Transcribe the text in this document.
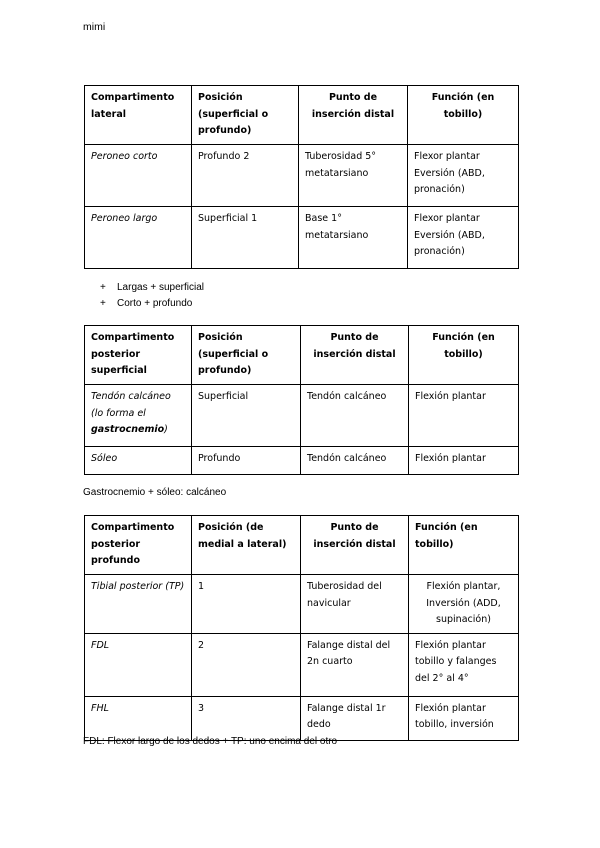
mimi
Compartimento lateral	Posición (superficial o profundo)	Punto de inserción distal	Función (en tobillo)
Peroneo corto	Profundo 2	Tuberosidad 5° metatarsiano	Flexor plantar Eversión (ABD, pronación)
Peroneo largo	Superficial 1	Base 1° metatarsiano	Flexor plantar Eversión (ABD, pronación)
+ Largas + superficial
+ Corto + profundo
Compartimento posterior superficial	Posición (superficial o profundo)	Punto de inserción distal	Función (en tobillo)
Tendón calcáneo (lo forma el gastrocnemio)	Superficial	Tendón calcáneo	Flexión plantar
Sóleo	Profundo	Tendón calcáneo	Flexión plantar
Gastrocnemio + sóleo: calcáneo
Compartimento posterior profundo	Posición (de medial a lateral)	Punto de inserción distal	Función (en tobillo)
Tibial posterior (TP)	1	Tuberosidad del navicular	Flexión plantar, Inversión (ADD, supinación)
FDL	2	Falange distal del 2n cuarto	Flexión plantar tobillo y falanges del 2° al 4°
FHL	3	Falange distal 1r dedo	Flexión plantar tobillo, inversión
FDL: Flexor largo de los dedos + TP: uno encima del otro
